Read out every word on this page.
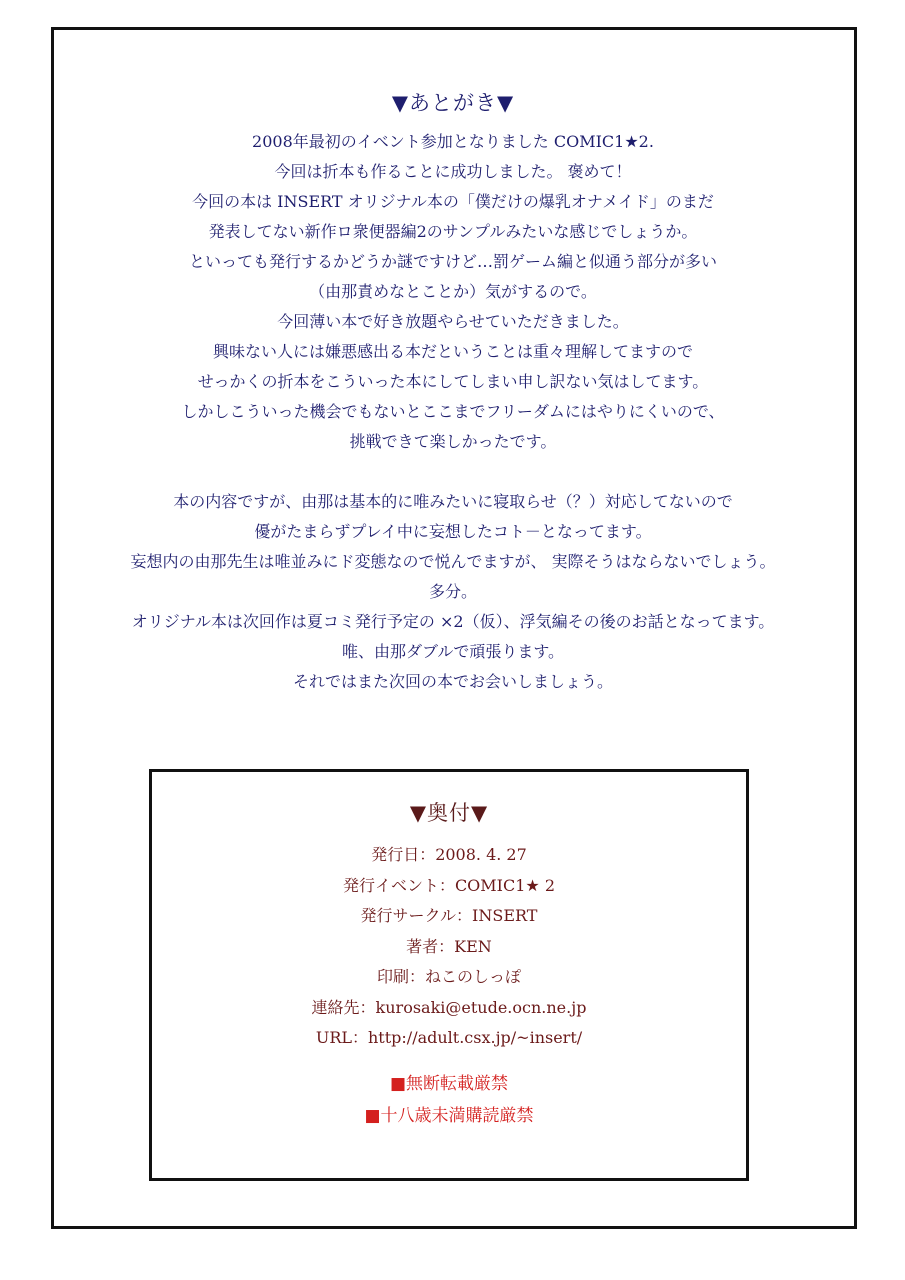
▼あとがき▼
2008年最初のイベント参加となりました COMIC1★2.
今回は折本も作ることに成功しました。 褒めて！
今回の本は INSERT オリジナル本の「僕だけの爆乳オナメイド」のまだ
発表してない新作ロ衆便器編2のサンプルみたいな感じでしょうか。
といっても発行するかどうか謎ですけど…罰ゲーム編と似通う部分が多い
（由那責めなとことか）気がするので。
今回薄い本で好き放題やらせていただきました。
興味ない人には嫌悪感出る本だということは重々理解してますので
せっかくの折本をこういった本にしてしまい申し訳ない気はしてます。
しかしこういった機会でもないとここまでフリーダムにはやりにくいので、
挑戦できて楽しかったです。
本の内容ですが、由那は基本的に唯みたいに寝取らせ（？）対応してないので
優がたまらずプレイ中に妄想したコト－となってます。
妄想内の由那先生は唯並みにド変態なので悦んでますが、 実際そうはならないでしょう。
多分。
オリジナル本は次回作は夏コミ発行予定の ×2（仮）、浮気編その後のお話となってます。
唯、由那ダブルで頑張ります。
それではまた次回の本でお会いしましょう。
▼奥付▼
発行日：2008. 4. 27
発行イベント：COMIC1★ 2
発行サークル：INSERT
著者：KEN
印刷：ねこのしっぽ
連絡先：kurosaki@etude.ocn.ne.jp
URL：http://adult.csx.jp/~insert/
■無断転載厳禁
■十八歳未満購読厳禁
